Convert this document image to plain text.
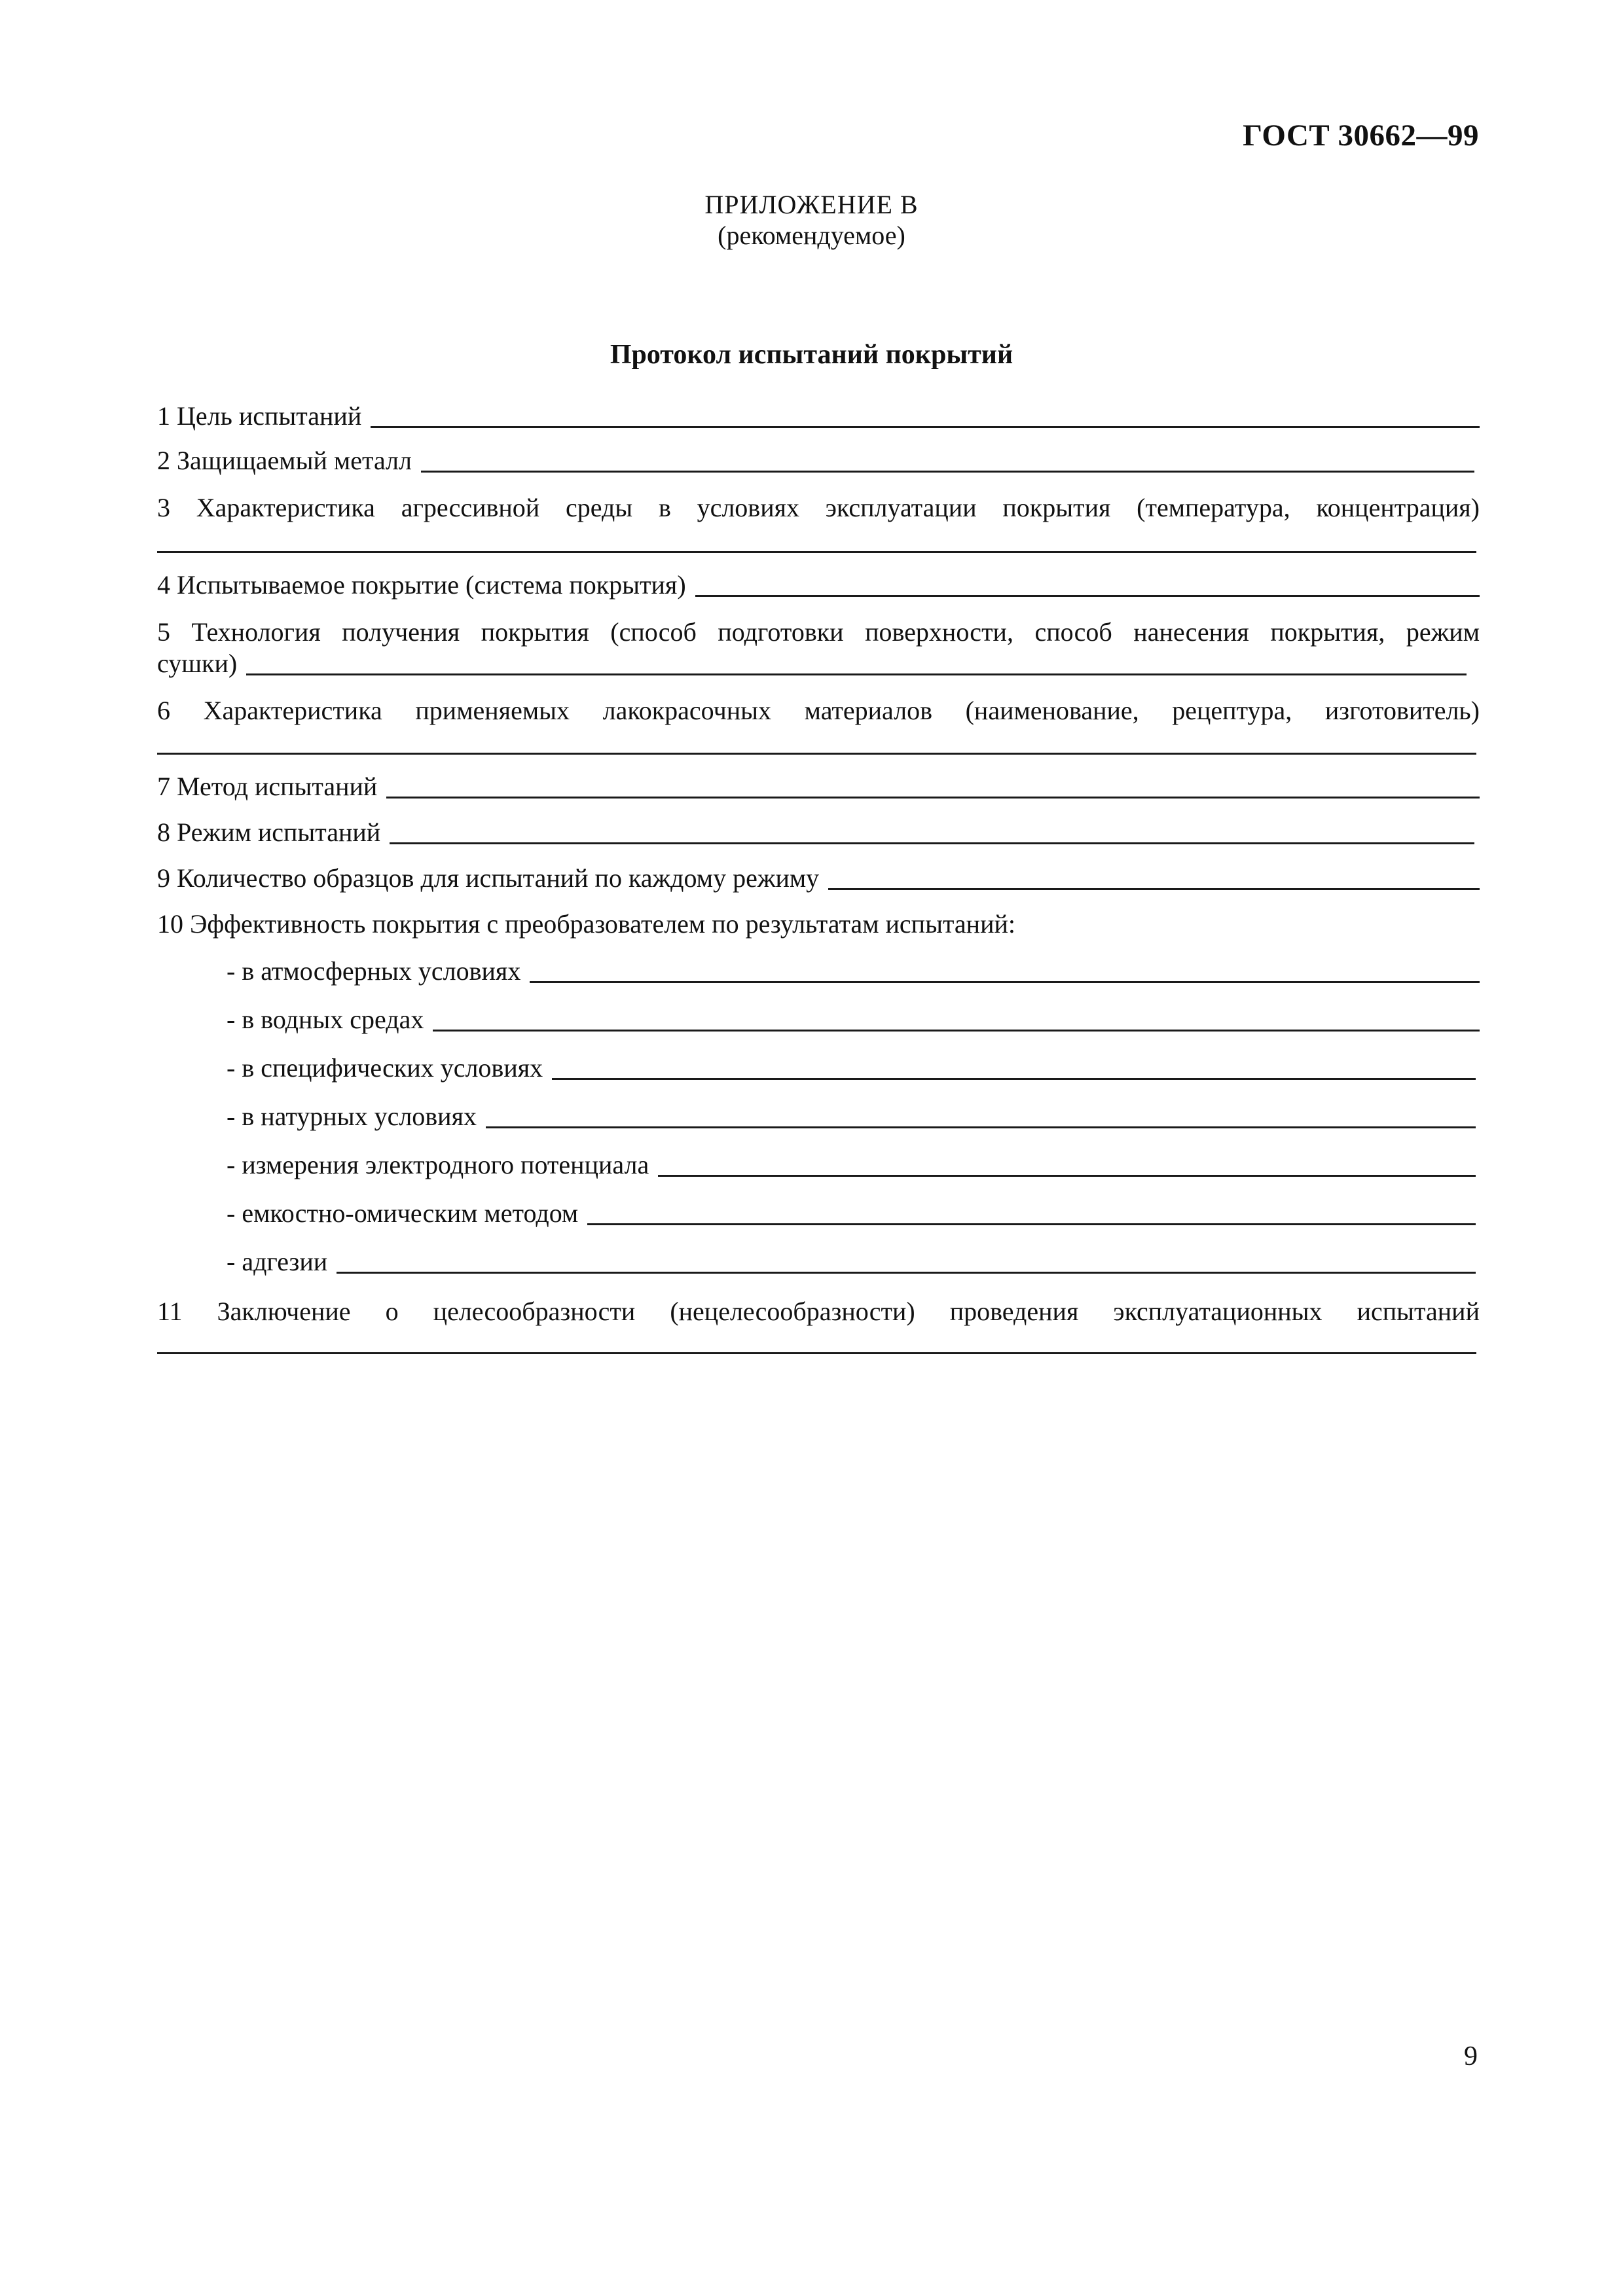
ГОСТ 30662—99
ПРИЛОЖЕНИЕ В
(рекомендуемое)
Протокол испытаний покрытий
1 Цель испытаний
2 Защищаемый металл
3 Характеристика агрессивной среды в условиях эксплуатации покрытия (температура, концентрация)
4 Испытываемое покрытие (система покрытия)
5 Технология получения покрытия (способ подготовки поверхности, способ нанесения покрытия, режим
сушки)
6 Характеристика применяемых лакокрасочных материалов (наименование, рецептура, изготовитель)
7 Метод испытаний
8 Режим испытаний
9 Количество образцов для испытаний по каждому режиму
10 Эффективность покрытия с преобразователем по результатам испытаний:
- в атмосферных условиях
- в водных средах
- в специфических условиях
- в натурных условиях
- измерения электродного потенциала
- емкостно-омическим методом
- адгезии
11 Заключение о целесообразности (нецелесообразности) проведения эксплуатационных испытаний
9
